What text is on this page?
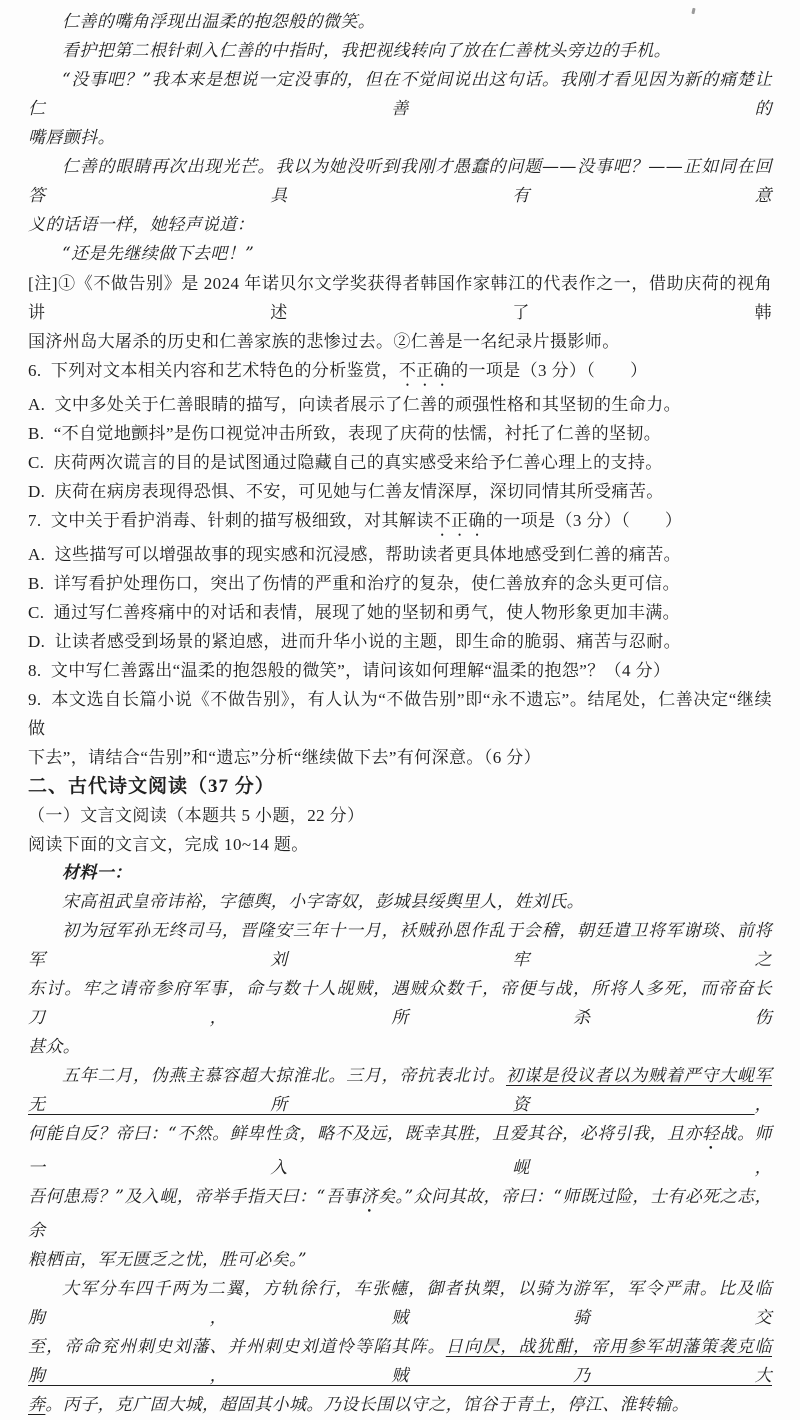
仁善的嘴角浮现出温柔的抱怨般的微笑。
看护把第二根针刺入仁善的中指时，我把视线转向了放在仁善枕头旁边的手机。
“没事吧？”我本来是想说一定没事的，但在不觉间说出这句话。我刚才看见因为新的痛楚让仁善的
嘴唇颤抖。
仁善的眼睛再次出现光芒。我以为她没听到我刚才愚蠢的问题——没事吧？——正如同在回答具有意
义的话语一样，她轻声说道：
“还是先继续做下去吧！”
[注]①《不做告别》是 2024 年诺贝尔文学奖获得者韩国作家韩江的代表作之一，借助庆荷的视角讲述了韩
国济州岛大屠杀的历史和仁善家族的悲惨过去。②仁善是一名纪录片摄影师。
6.  下列对文本相关内容和艺术特色的分析鉴赏，不正确的一项是（3 分）（　　）
A.  文中多处关于仁善眼睛的描写，向读者展示了仁善的顽强性格和其坚韧的生命力。
B.  “不自觉地颤抖”是伤口视觉冲击所致，表现了庆荷的怯懦，衬托了仁善的坚韧。
C.  庆荷两次谎言的目的是试图通过隐藏自己的真实感受来给予仁善心理上的支持。
D.  庆荷在病房表现得恐惧、不安，可见她与仁善友情深厚，深切同情其所受痛苦。
7.  文中关于看护消毒、针刺的描写极细致，对其解读不正确的一项是（3 分）（　　）
A.  这些描写可以增强故事的现实感和沉浸感，帮助读者更具体地感受到仁善的痛苦。
B.  详写看护处理伤口，突出了伤情的严重和治疗的复杂，使仁善放弃的念头更可信。
C.  通过写仁善疼痛中的对话和表情，展现了她的坚韧和勇气，使人物形象更加丰满。
D.  让读者感受到场景的紧迫感，进而升华小说的主题，即生命的脆弱、痛苦与忍耐。
8.  文中写仁善露出“温柔的抱怨般的微笑”，请问该如何理解“温柔的抱怨”？（4 分）
9.  本文选自长篇小说《不做告别》，有人认为“不做告别”即“永不遗忘”。结尾处，仁善决定“继续做
下去”，请结合“告别”和“遗忘”分析“继续做下去”有何深意。（6 分）
二、古代诗文阅读（37 分）
（一）文言文阅读（本题共 5 小题，22 分）
阅读下面的文言文，完成 10~14 题。
材料一：
宋高祖武皇帝讳裕，字德舆，小字寄奴，彭城县绥舆里人，姓刘氏。
初为冠军孙无终司马，晋隆安三年十一月，袄贼孙恩作乱于会稽，朝廷遣卫将军谢琰、前将军刘牢之
东讨。牢之请帝参府军事，命与数十人觇贼，遇贼众数千，帝便与战，所将人多死，而帝奋长刀，所杀伤
甚众。
五年二月，伪燕主慕容超大掠淮北。三月，帝抗表北讨。初谋是役议者以为贼着严守大岘军无所资，
何能自反？帝曰：“不然。鲜卑性贪，略不及远，既幸其胜，且爱其谷，必将引我，且亦轻战。师一入岘，
吾何患焉？”及入岘，帝举手指天曰：“吾事济矣。”众问其故，帝曰：“师既过险，士有必死之志，余
粮栖亩，军无匮乏之忧，胜可必矣。”
大军分车四千两为二翼，方轨徐行，车张幰，御者执槊，以骑为游军，军令严肃。比及临朐，贼骑交
至，帝命兖州刺史刘藩、并州刺史刘道怜等陷其阵。日向昃，战犹酣，帝用参军胡藩策袭克临朐，贼乃大
奔。丙子，克广固大城，超固其小城。乃设长围以守之，馆谷于青土，停江、淮转输。
